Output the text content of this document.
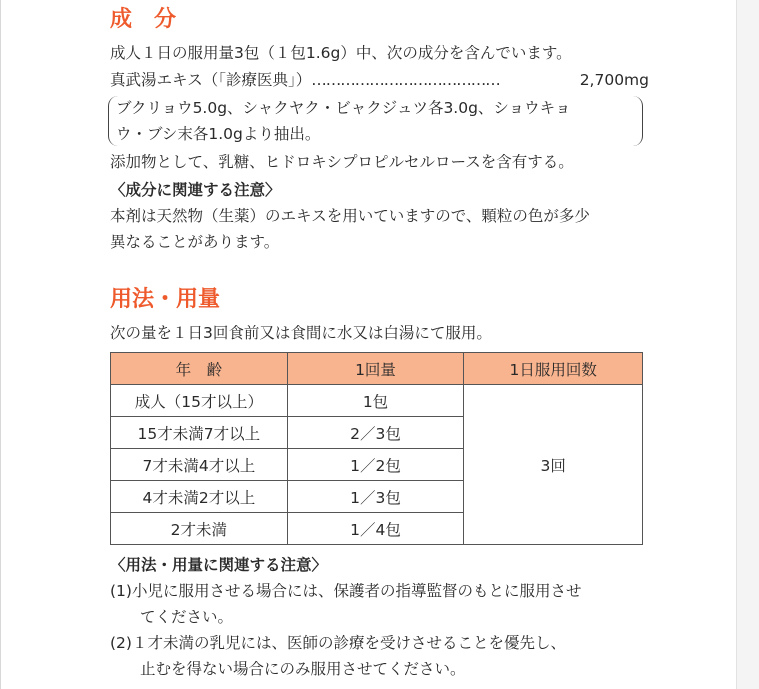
成　分
成人１日の服用量3包（１包1.6g）中、次の成分を含んでいます。
真武湯エキス（「診療医典」）…………………………………	2,700mg
ブクリョウ5.0g、シャクヤク・ビャクジュツ各3.0g、ショウキョ
ウ・ブシ末各1.0gより抽出。
添加物として、乳糖、ヒドロキシプロピルセルロースを含有する。
〈成分に関連する注意〉
本剤は天然物（生薬）のエキスを用いていますので、顆粒の色が多少
異なることがあります。
用法・用量
次の量を１日3回食前又は食間に水又は白湯にて服用。
年　齢	1回量	1日服用回数
成人（15才以上）	1包	3回
15才未満7才以上	2／3包	
7才未満4才以上	1／2包	
4才未満2才以上	1／3包	
2才未満	1／4包	
〈用法・用量に関連する注意〉
(1)小児に服用させる場合には、保護者の指導監督のもとに服用させ
てください。
(2)１才未満の乳児には、医師の診療を受けさせることを優先し、
止むを得ない場合にのみ服用させてください。
